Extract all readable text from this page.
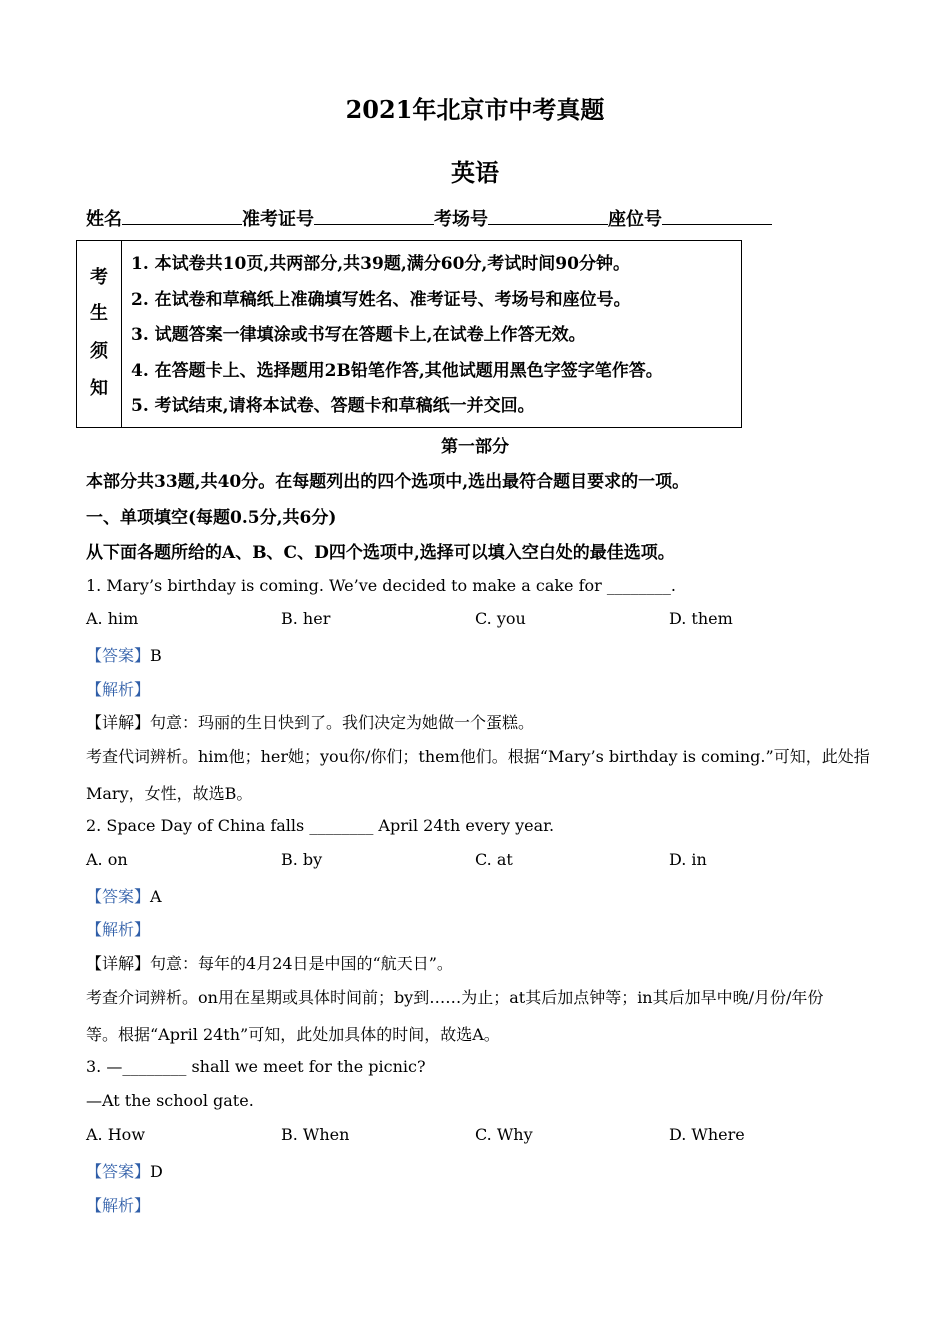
2021年北京市中考真题
英语
姓名	准考证号	考场号	座位号
考
生
须
知
1. 本试卷共10页,共两部分,共39题,满分60分,考试时间90分钟。
2. 在试卷和草稿纸上准确填写姓名、准考证号、考场号和座位号。
3. 试题答案一律填涂或书写在答题卡上,在试卷上作答无效。
4. 在答题卡上、选择题用2B铅笔作答,其他试题用黑色字签字笔作答。
5. 考试结束,请将本试卷、答题卡和草稿纸一并交回。
第一部分
本部分共33题,共40分。在每题列出的四个选项中,选出最符合题目要求的一项。
一、单项填空(每题0.5分,共6分)
从下面各题所给的A、B、C、D四个选项中,选择可以填入空白处的最佳选项。
1. Mary’s birthday is coming. We’ve decided to make a cake for ________.
A. him	B. her	C. you	D. them
【答案】B
【解析】
【详解】句意：玛丽的生日快到了。我们决定为她做一个蛋糕。
考查代词辨析。him他；her她；you你/你们；them他们。根据“Mary’s birthday is coming.”可知，此处指
Mary，女性，故选B。
2. Space Day of China falls ________ April 24th every year.
A. on	B. by	C. at	D. in
【答案】A
【解析】
【详解】句意：每年的4月24日是中国的“航天日”。
考查介词辨析。on用在星期或具体时间前；by到……为止；at其后加点钟等；in其后加早中晚/月份/年份
等。根据“April 24th”可知，此处加具体的时间，故选A。
3. —________ shall we meet for the picnic?
—At the school gate.
A. How	B. When	C. Why	D. Where
【答案】D
【解析】
